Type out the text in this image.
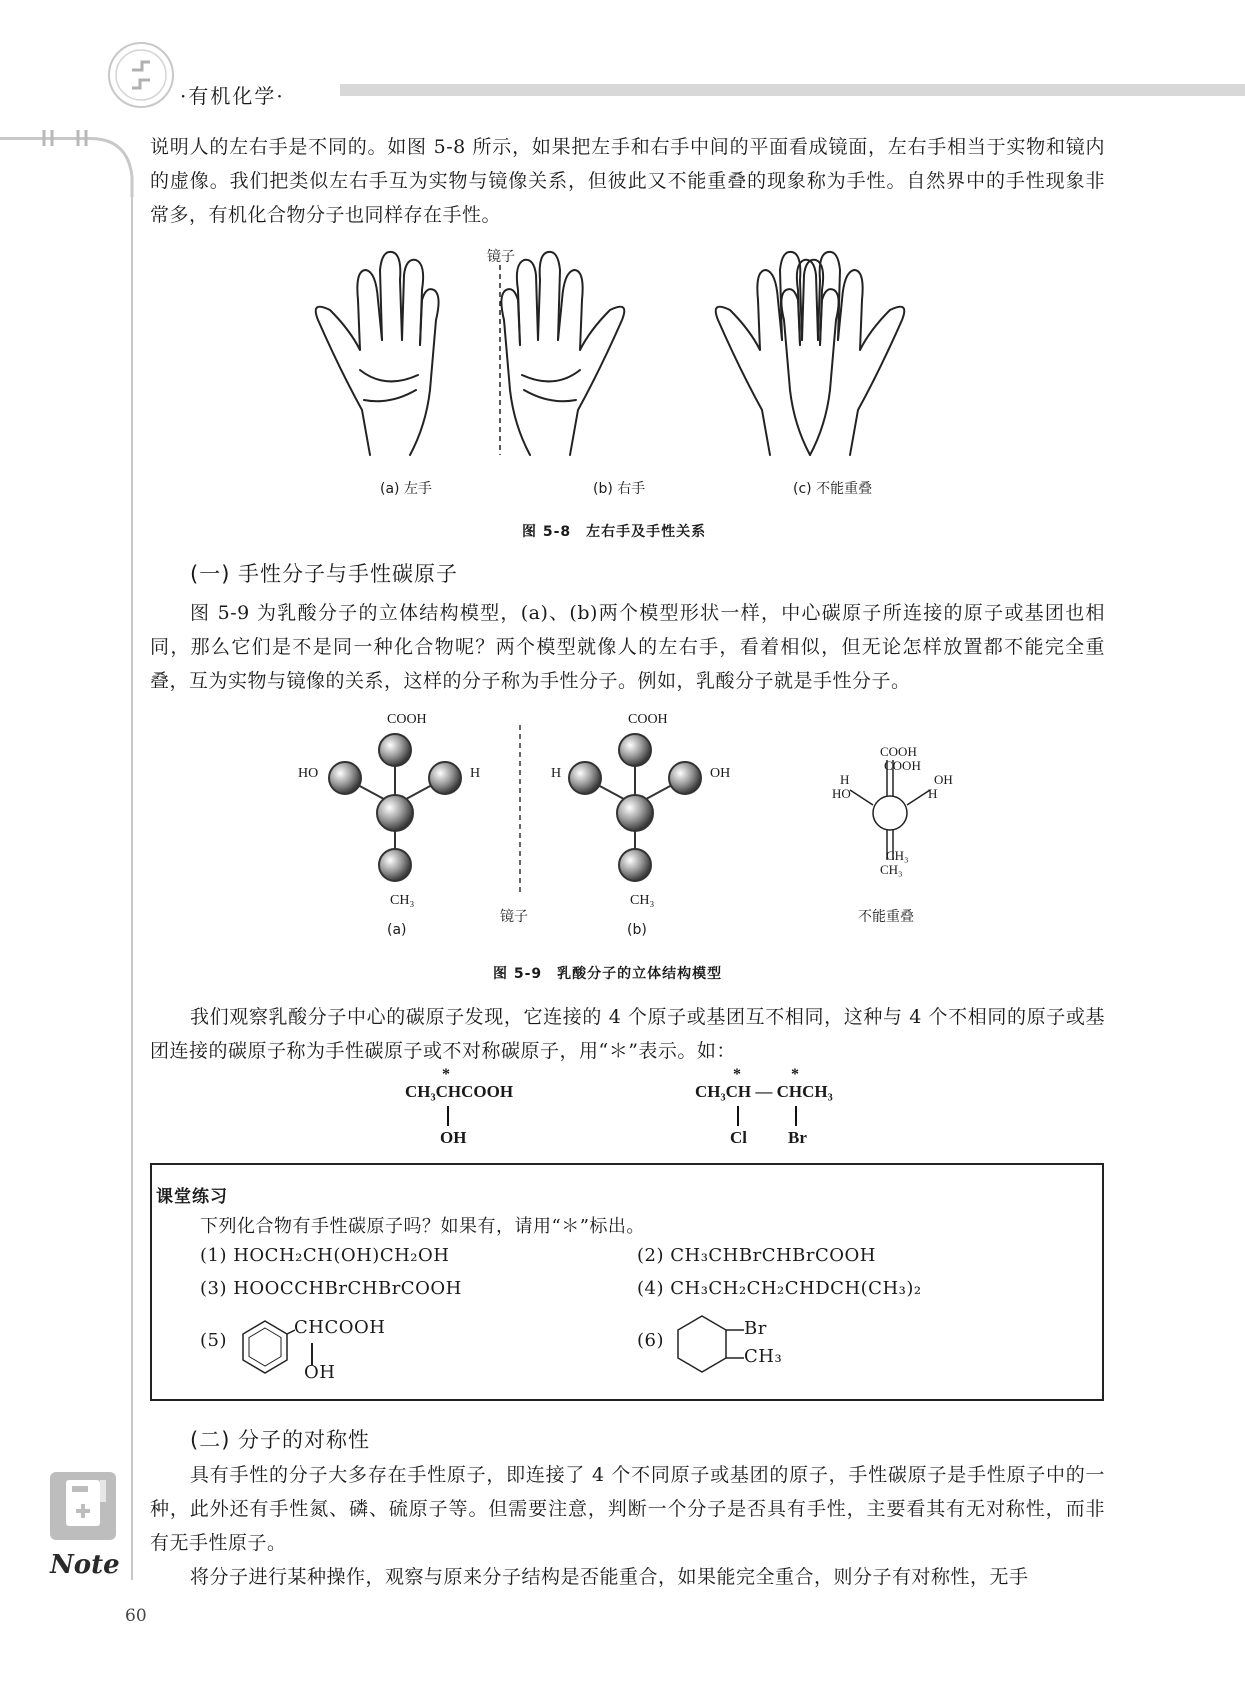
·有机化学·
说明人的左右手是不同的。如图 5-8 所示，如果把左手和右手中间的平面看成镜面，左右手相当于实物和镜内的虚像。我们把类似左右手互为实物与镜像关系，但彼此又不能重叠的现象称为手性。自然界中的手性现象非常多，有机化合物分子也同样存在手性。
镜子
(a) 左手	(b) 右手	(c) 不能重叠
图 5-8　左右手及手性关系
(一) 手性分子与手性碳原子
图 5-9 为乳酸分子的立体结构模型，(a)、(b)两个模型形状一样，中心碳原子所连接的原子或基团也相同，那么它们是不是同一种化合物呢？两个模型就像人的左右手，看着相似，但无论怎样放置都不能完全重叠，互为实物与镜像的关系，这样的分子称为手性分子。例如，乳酸分子就是手性分子。
COOH
HO	H
CH₃
(a)
镜子
COOH
H	OH
CH₃
(b)
COOH
COOH
H
HO
OH
H
CH₃
CH₃
不能重叠
图 5-9　乳酸分子的立体结构模型
我们观察乳酸分子中心的碳原子发现，它连接的 4 个原子或基团互不相同，这种与 4 个不相同的原子或基团连接的碳原子称为手性碳原子或不对称碳原子，用“＊”表示。如：
*
CH₃CHCOOH
OH
*	*
CH₃CH — CHCH₃
Cl Br
课堂练习
下列化合物有手性碳原子吗？如果有，请用“＊”标出。
(1) HOCH₂CH(OH)CH₂OH	(2) CH₃CHBrCHBrCOOH
(3) HOOCCHBrCHBrCOOH	(4) CH₃CH₂CH₂CHDCH(CH₃)₂
(5)
CHCOOH
OH
(6)
Br
CH₃
(二) 分子的对称性
具有手性的分子大多存在手性原子，即连接了 4 个不同原子或基团的原子，手性碳原子是手性原子中的一种，此外还有手性氮、磷、硫原子等。但需要注意，判断一个分子是否具有手性，主要看其有无对称性，而非有无手性原子。
将分子进行某种操作，观察与原来分子结构是否能重合，如果能完全重合，则分子有对称性，无手
Note
60
